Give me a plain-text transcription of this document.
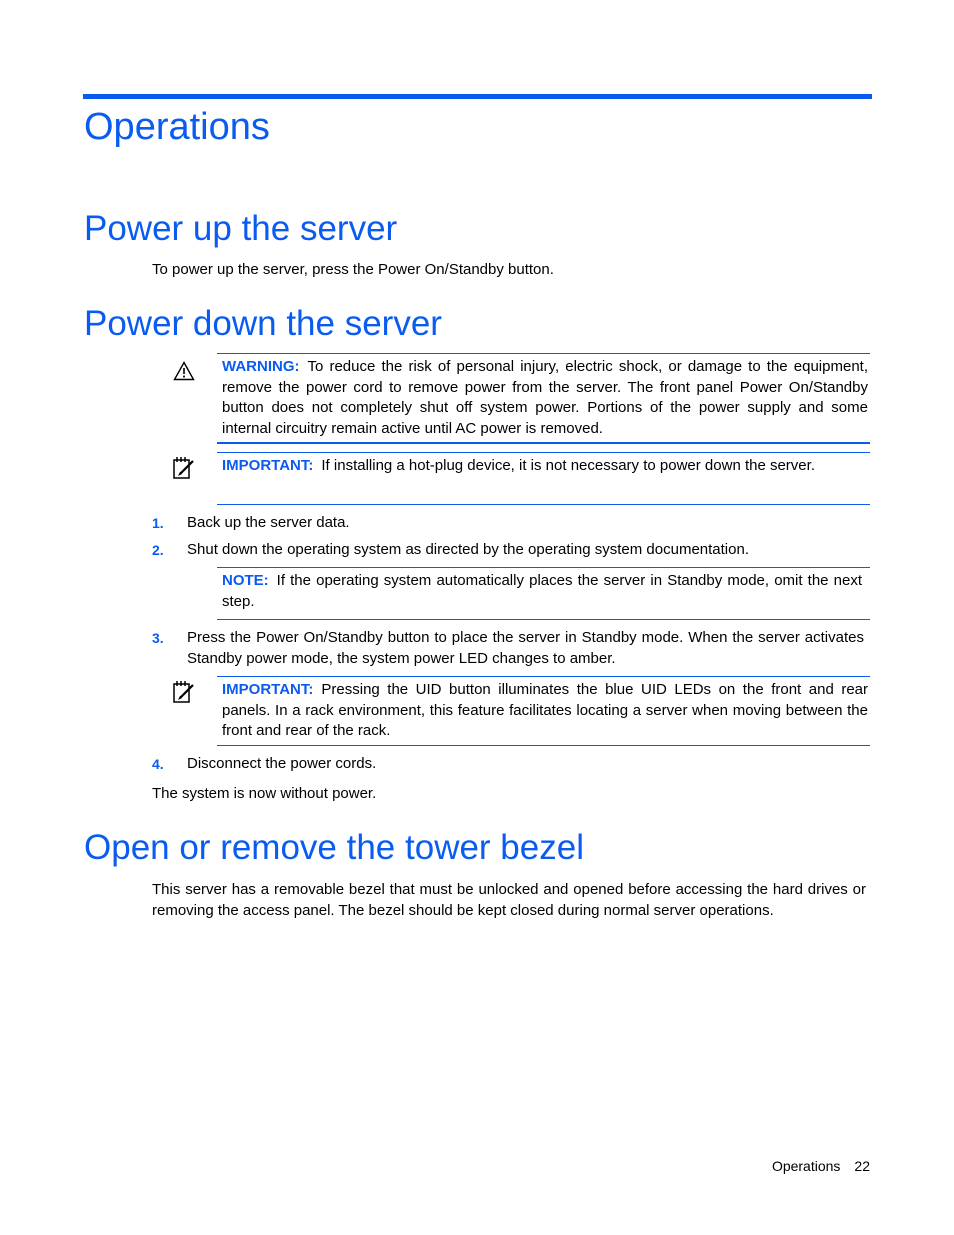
Operations
Power up the server
To power up the server, press the Power On/Standby button.
Power down the server
WARNING: To reduce the risk of personal injury, electric shock, or damage to the equipment, remove the power cord to remove power from the server. The front panel Power On/Standby button does not completely shut off system power. Portions of the power supply and some internal circuitry remain active until AC power is removed.
IMPORTANT: If installing a hot-plug device, it is not necessary to power down the server.
1. Back up the server data.
2. Shut down the operating system as directed by the operating system documentation.
NOTE: If the operating system automatically places the server in Standby mode, omit the next step.
3. Press the Power On/Standby button to place the server in Standby mode. When the server activates Standby power mode, the system power LED changes to amber.
IMPORTANT: Pressing the UID button illuminates the blue UID LEDs on the front and rear panels. In a rack environment, this feature facilitates locating a server when moving between the front and rear of the rack.
4. Disconnect the power cords.
The system is now without power.
Open or remove the tower bezel
This server has a removable bezel that must be unlocked and opened before accessing the hard drives or removing the access panel. The bezel should be kept closed during normal server operations.
Operations 22
